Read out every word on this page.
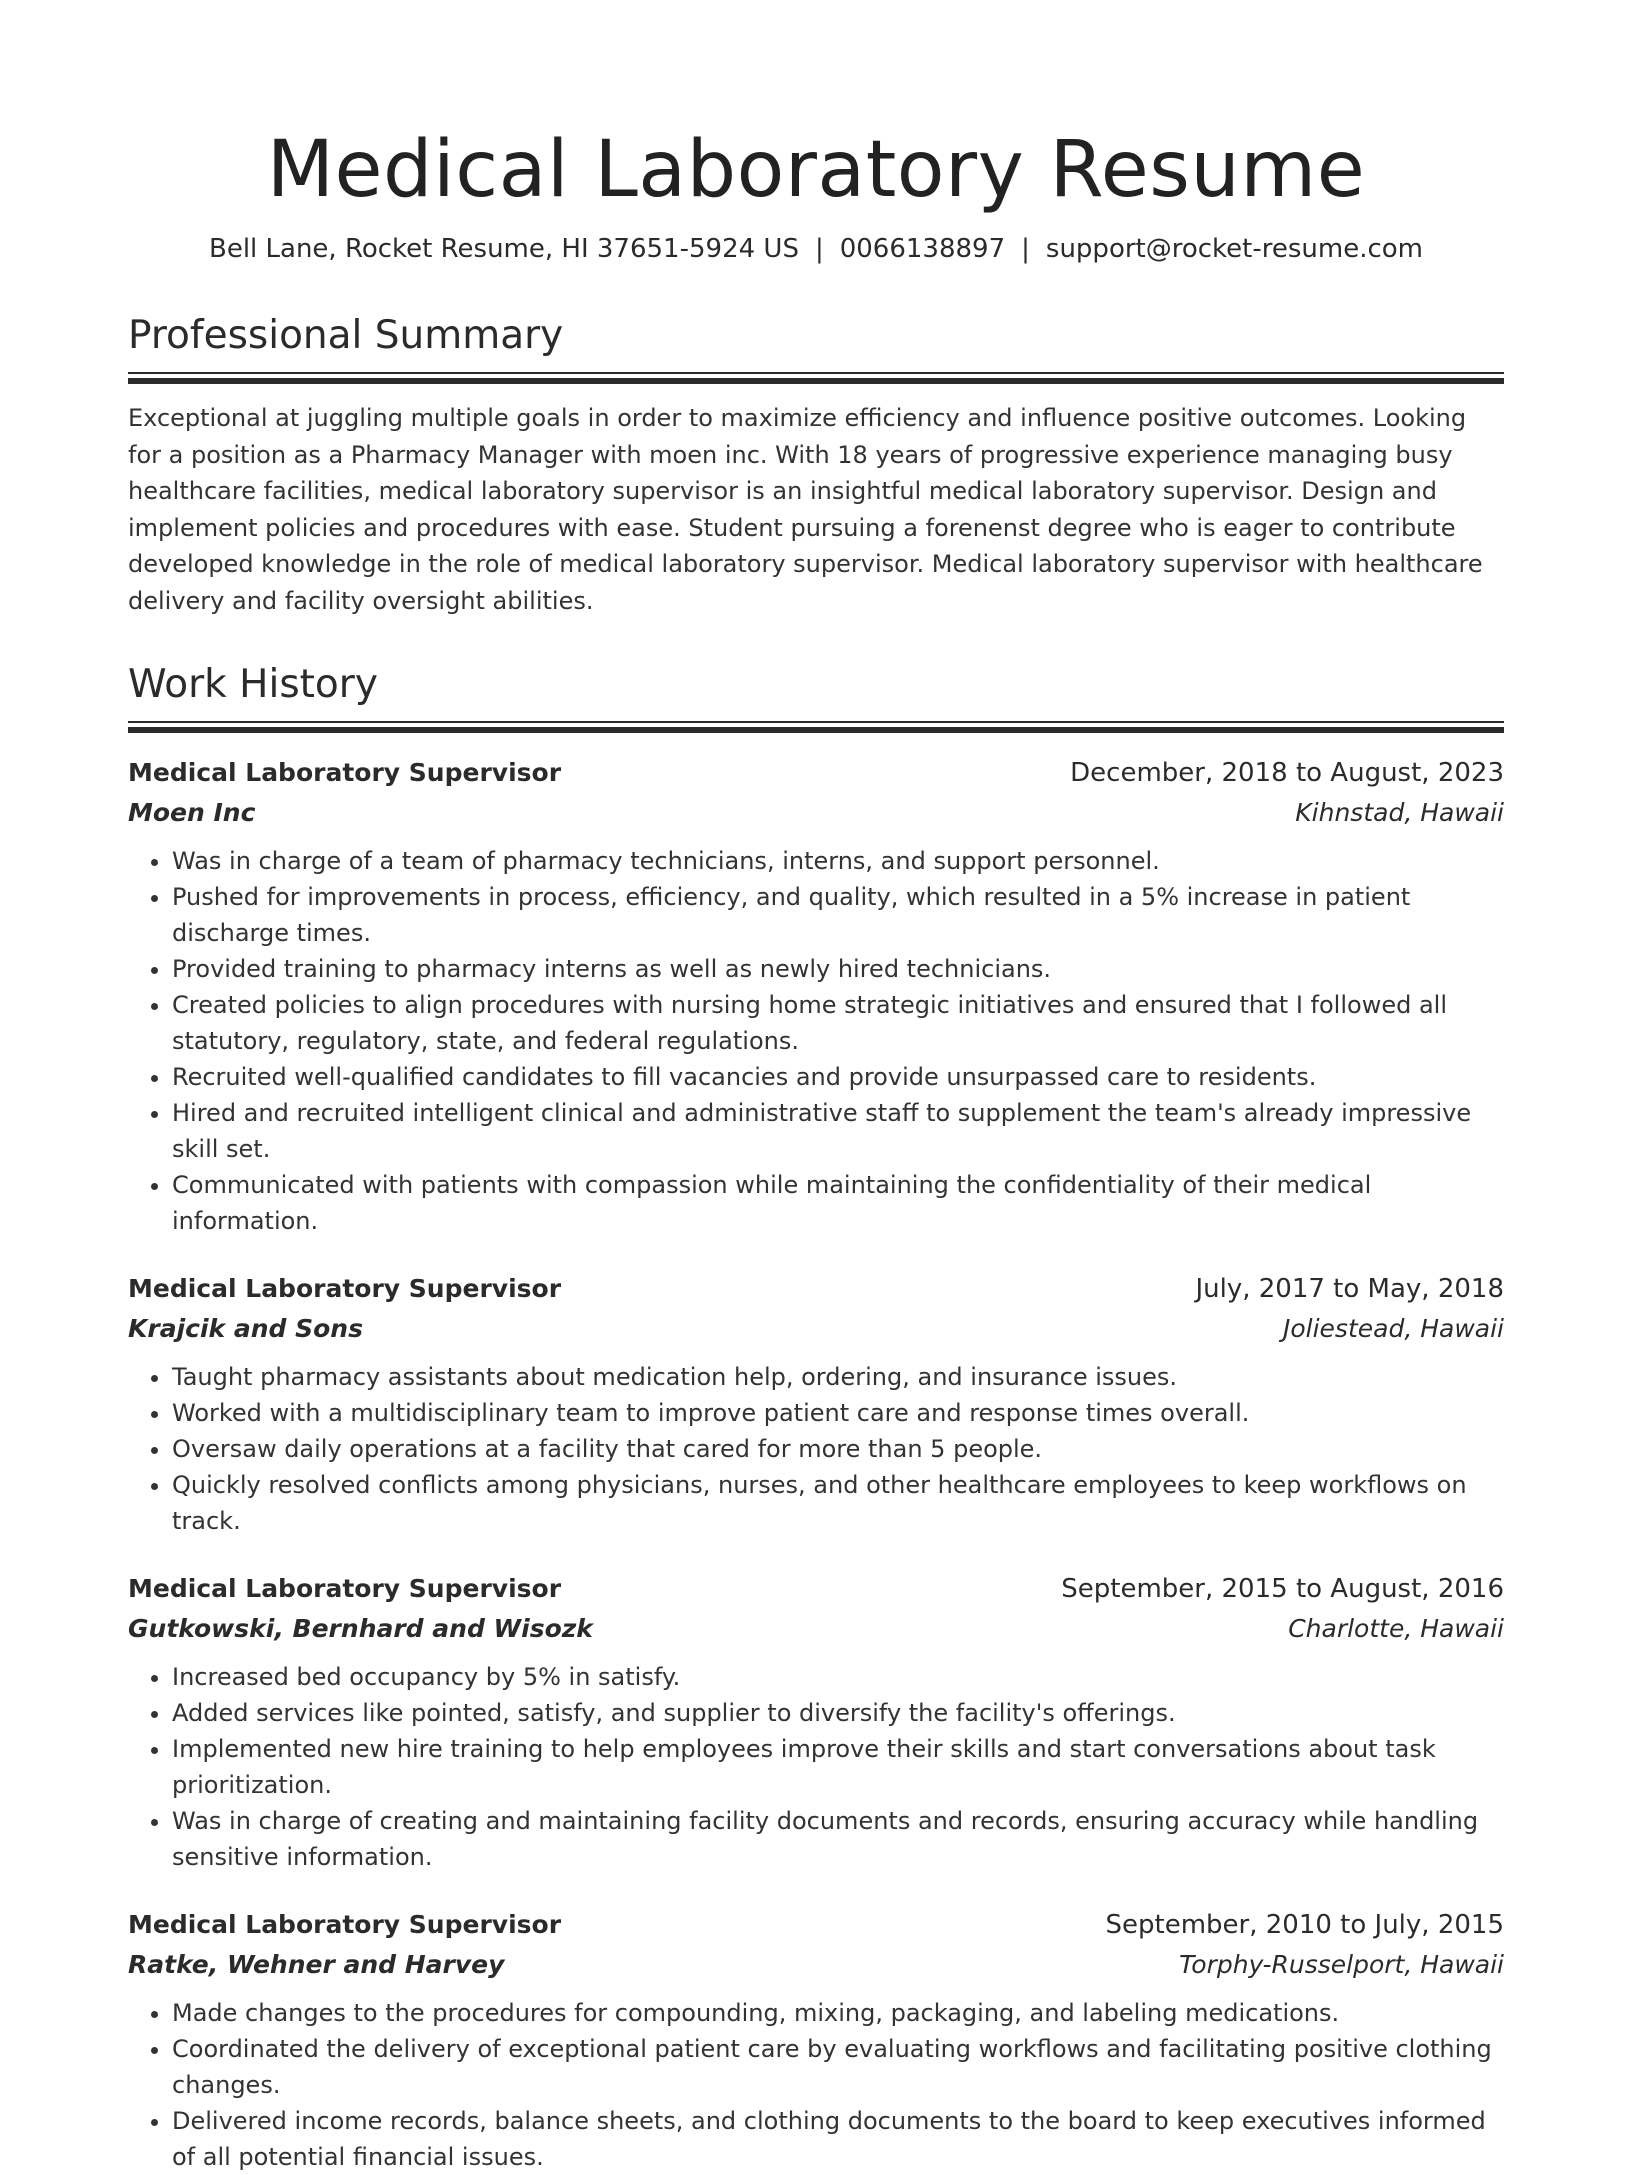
Medical Laboratory Resume
Bell Lane, Rocket Resume, HI 37651-5924 US | 0066138897 | support@rocket-resume.com
Professional Summary

Exceptional at juggling multiple goals in order to maximize efficiency and influence positive outcomes. Looking for a position as a Pharmacy Manager with moen inc. With 18 years of progressive experience managing busy healthcare facilities, medical laboratory supervisor is an insightful medical laboratory supervisor. Design and implement policies and procedures with ease. Student pursuing a forenenst degree who is eager to contribute developed knowledge in the role of medical laboratory supervisor. Medical laboratory supervisor with healthcare delivery and facility oversight abilities.

Work History
Medical Laboratory Supervisor	December, 2018 to August, 2023
Moen Inc	Kihnstad, Hawaii
• Was in charge of a team of pharmacy technicians, interns, and support personnel.
• Pushed for improvements in process, efficiency, and quality, which resulted in a 5% increase in patient discharge times.
• Provided training to pharmacy interns as well as newly hired technicians.
• Created policies to align procedures with nursing home strategic initiatives and ensured that I followed all statutory, regulatory, state, and federal regulations.
• Recruited well-qualified candidates to fill vacancies and provide unsurpassed care to residents.
• Hired and recruited intelligent clinical and administrative staff to supplement the team's already impressive skill set.
• Communicated with patients with compassion while maintaining the confidentiality of their medical information.
Medical Laboratory Supervisor	July, 2017 to May, 2018
Krajcik and Sons	Joliestead, Hawaii
• Taught pharmacy assistants about medication help, ordering, and insurance issues.
• Worked with a multidisciplinary team to improve patient care and response times overall.
• Oversaw daily operations at a facility that cared for more than 5 people.
• Quickly resolved conflicts among physicians, nurses, and other healthcare employees to keep workflows on track.
Medical Laboratory Supervisor	September, 2015 to August, 2016
Gutkowski, Bernhard and Wisozk	Charlotte, Hawaii
• Increased bed occupancy by 5% in satisfy.
• Added services like pointed, satisfy, and supplier to diversify the facility's offerings.
• Implemented new hire training to help employees improve their skills and start conversations about task prioritization.
• Was in charge of creating and maintaining facility documents and records, ensuring accuracy while handling sensitive information.
Medical Laboratory Supervisor	September, 2010 to July, 2015
Ratke, Wehner and Harvey	Torphy-Russelport, Hawaii
• Made changes to the procedures for compounding, mixing, packaging, and labeling medications.
• Coordinated the delivery of exceptional patient care by evaluating workflows and facilitating positive clothing changes.
• Delivered income records, balance sheets, and clothing documents to the board to keep executives informed of all potential financial issues.
